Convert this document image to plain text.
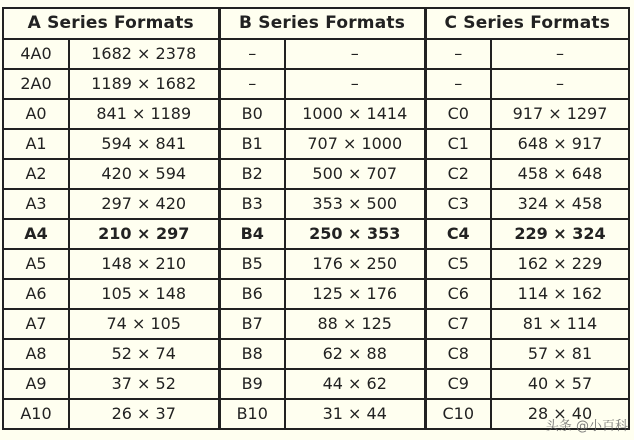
A Series Formats		B Series Formats		C Series Formats	
4A0	1682 × 2378	–	–	–	–
2A0	1189 × 1682	–	–	–	–
A0	841 × 1189	B0	1000 × 1414	C0	917 × 1297
A1	594 × 841	B1	707 × 1000	C1	648 × 917
A2	420 × 594	B2	500 × 707	C2	458 × 648
A3	297 × 420	B3	353 × 500	C3	324 × 458
A4	210 × 297	B4	250 × 353	C4	229 × 324
A5	148 × 210	B5	176 × 250	C5	162 × 229
A6	105 × 148	B6	125 × 176	C6	114 × 162
A7	74 × 105	B7	88 × 125	C7	81 × 114
A8	52 × 74	B8	62 × 88	C8	57 × 81
A9	37 × 52	B9	44 × 62	C9	40 × 57
A10	26 × 37	B10	31 × 44	C10	28 × 40
头条 @小百科
